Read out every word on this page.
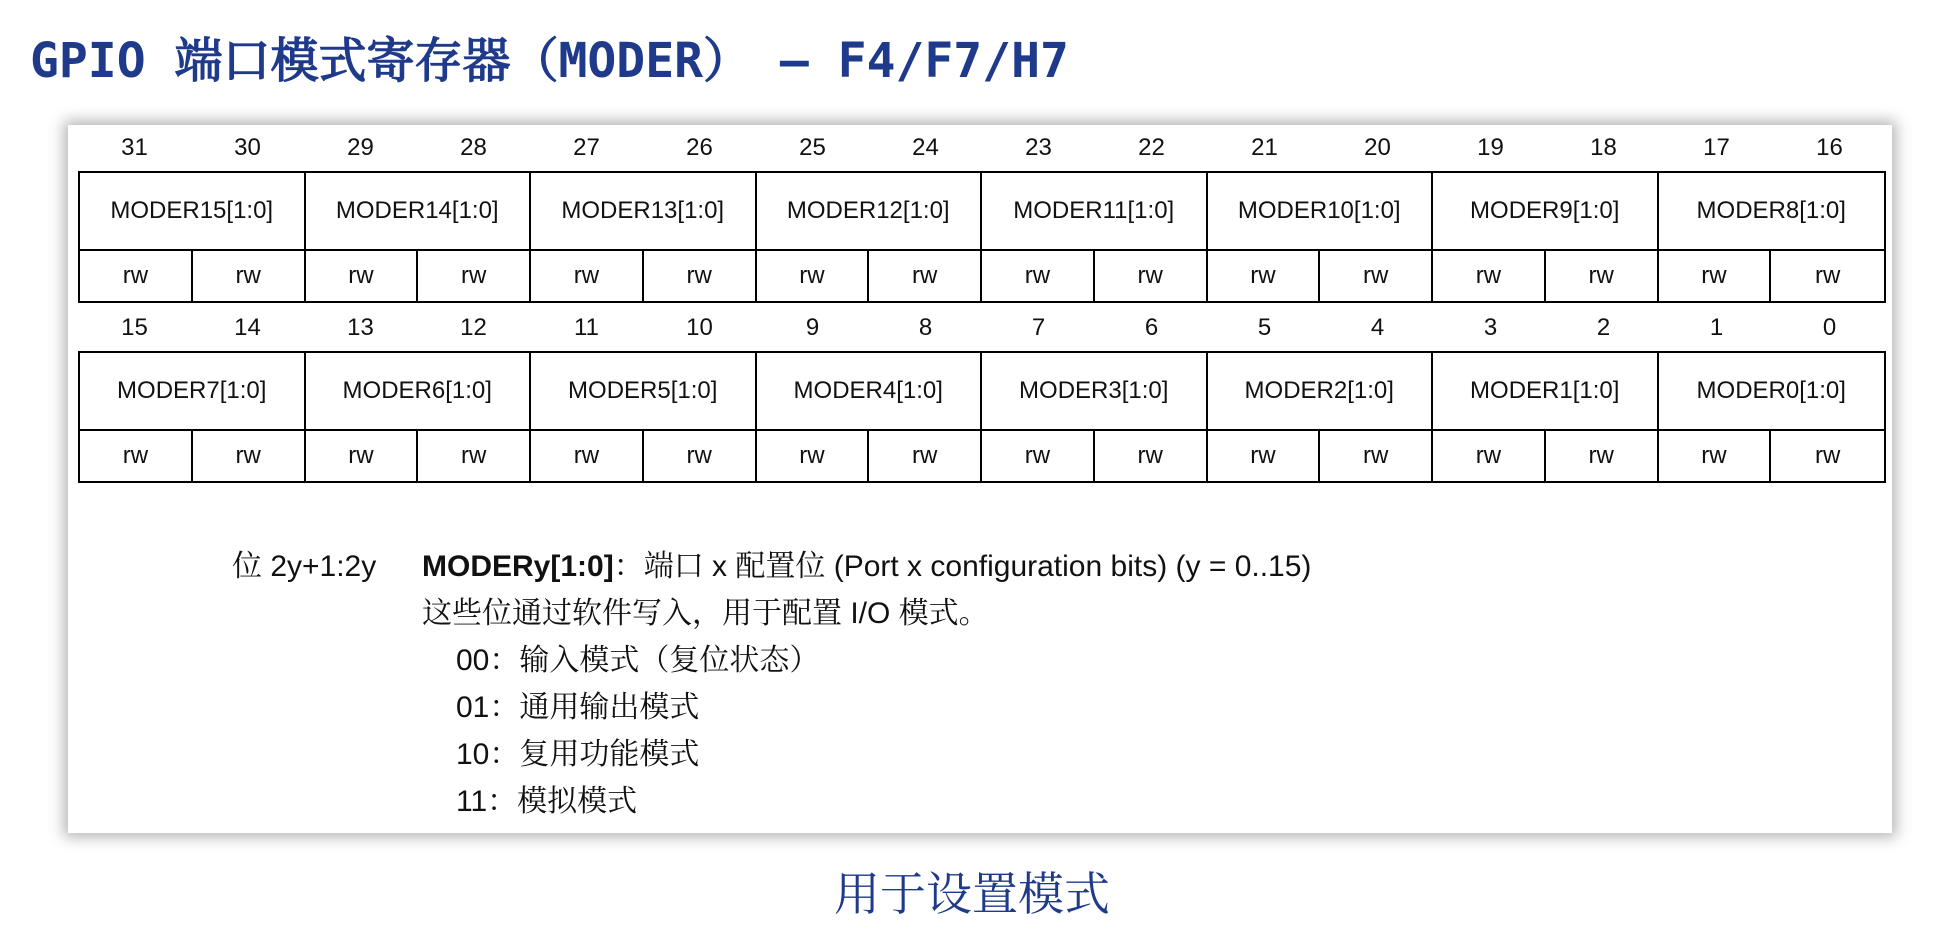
GPIO 端口模式寄存器（MODER） – F4/F7/H7
31	30	29	28	27	26	25	24	23	22	21	20	19	18	17	16
MODER15[1:0]	MODER14[1:0]	MODER13[1:0]	MODER12[1:0]	MODER11[1:0]	MODER10[1:0]	MODER9[1:0]	MODER8[1:0]
rw	rw	rw	rw	rw	rw	rw	rw	rw	rw	rw	rw	rw	rw	rw	rw
15	14	13	12	11	10	9	8	7	6	5	4	3	2	1	0
MODER7[1:0]	MODER6[1:0]	MODER5[1:0]	MODER4[1:0]	MODER3[1:0]	MODER2[1:0]	MODER1[1:0]	MODER0[1:0]
rw	rw	rw	rw	rw	rw	rw	rw	rw	rw	rw	rw	rw	rw	rw	rw
位 2y+1:2y MODERy[1:0]：端口 x 配置位 (Port x configuration bits) (y = 0..15)
这些位通过软件写入，用于配置 I/O 模式。
00：输入模式（复位状态）
01：通用输出模式
10：复用功能模式
11：模拟模式
用于设置模式
